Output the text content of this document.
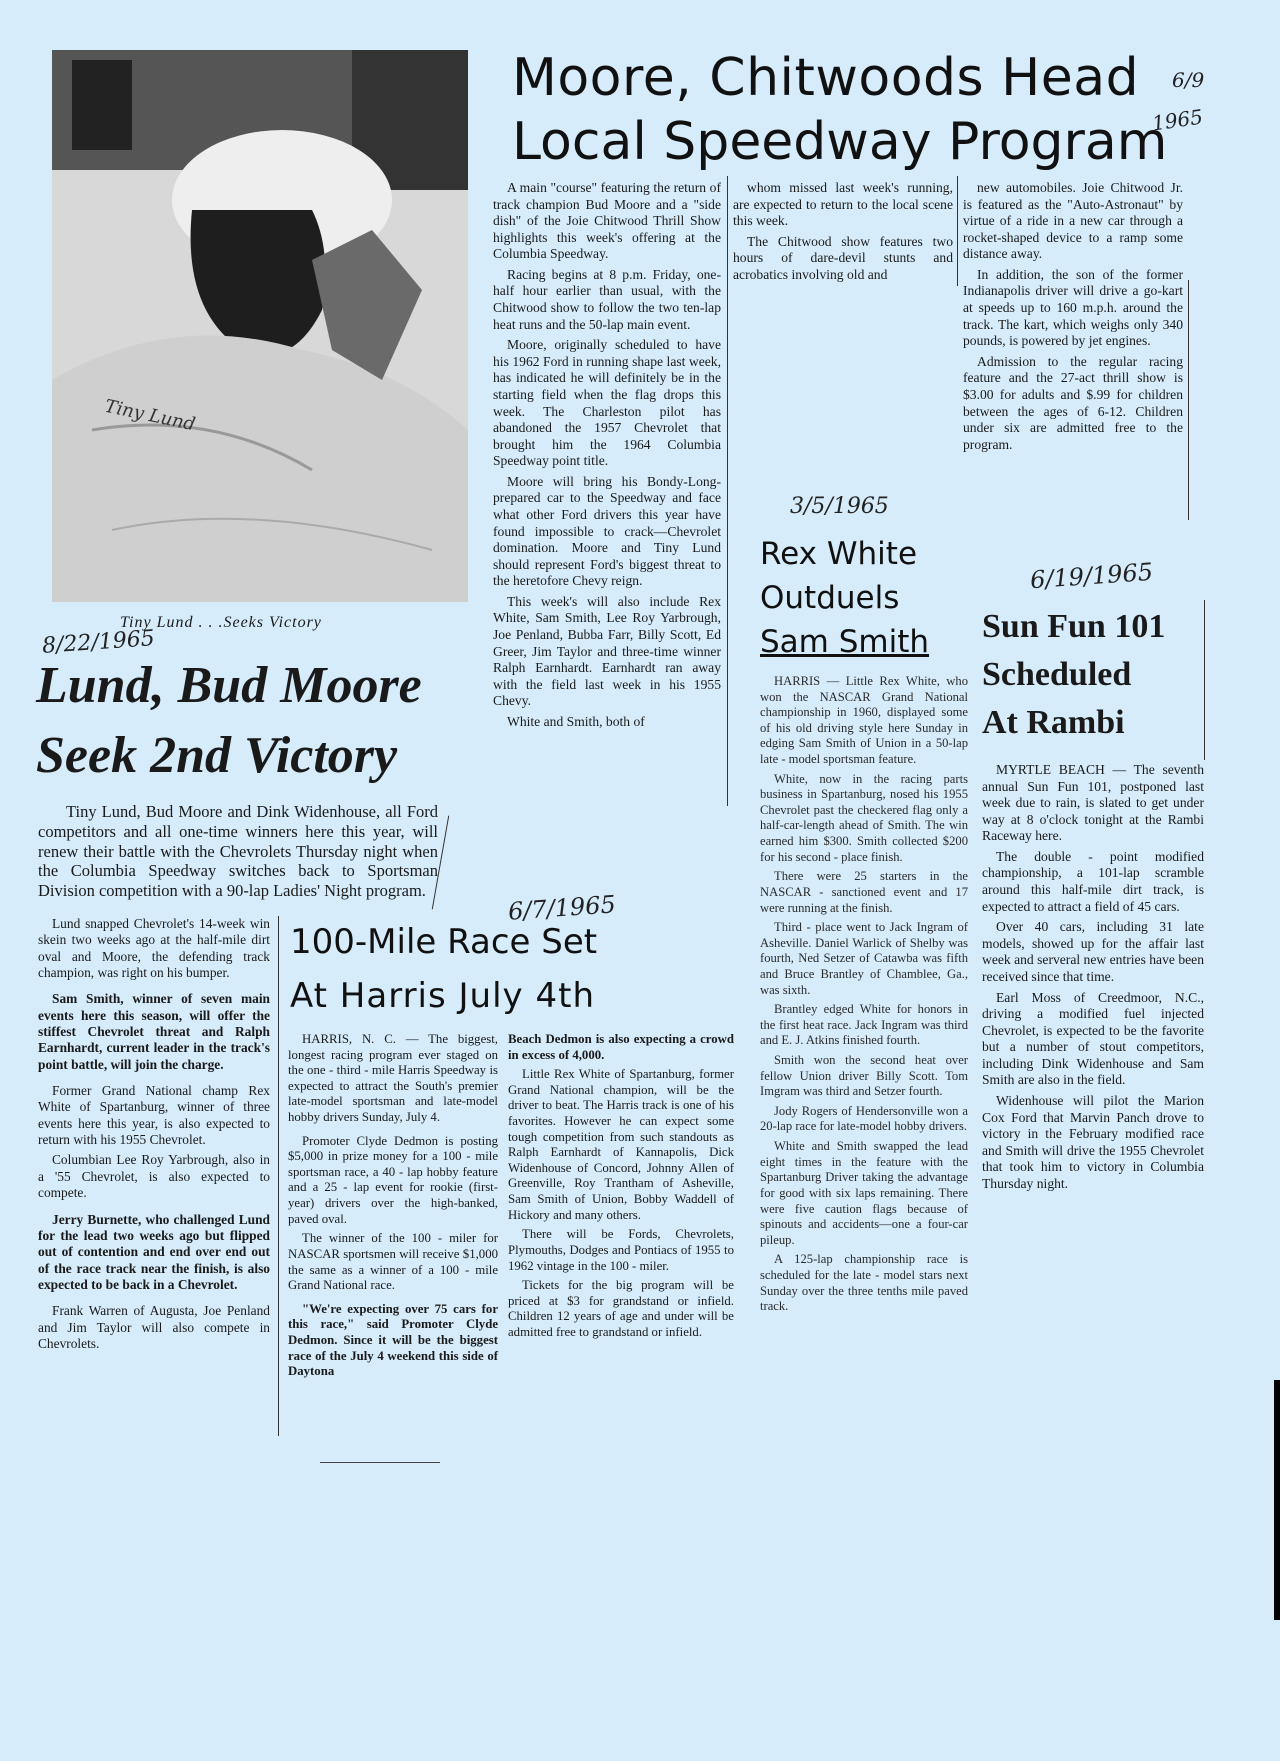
Tiny Lund
Tiny Lund . . .Seeks Victory
8/22/1965
Lund, Bud Moore
Seek 2nd Victory

Tiny Lund, Bud Moore and Dink Widenhouse, all Ford competitors and all one-time winners here this year, will renew their battle with the Chevrolets Thursday night when the Columbia Speedway switches back to Sportsman Division competition with a 90-lap Ladies' Night program.

Lund snapped Chevrolet's 14-week win skein two weeks ago at the half-mile dirt oval and Moore, the defending track champion, was right on his bumper.

Sam Smith, winner of seven main events here this season, will offer the stiffest Chevrolet threat and Ralph Earnhardt, current leader in the track's point battle, will join the charge.

Former Grand National champ Rex White of Spartanburg, winner of three events here this year, is also expected to return with his 1955 Chevrolet.

Columbian Lee Roy Yarbrough, also in a '55 Chevrolet, is also expected to compete.

Jerry Burnette, who challenged Lund for the lead two weeks ago but flipped out of contention and end over end out of the race track near the finish, is also expected to be back in a Chevrolet.

Frank Warren of Augusta, Joe Penland and Jim Taylor will also compete in Chevrolets.

Moore, Chitwoods Head
Local Speedway Program
6/9
1965

A main "course" featuring the return of track champion Bud Moore and a "side dish" of the Joie Chitwood Thrill Show highlights this week's offering at the Columbia Speedway.

Racing begins at 8 p.m. Friday, one-half hour earlier than usual, with the Chitwood show to follow the two ten-lap heat runs and the 50-lap main event.

Moore, originally scheduled to have his 1962 Ford in running shape last week, has indicated he will definitely be in the starting field when the flag drops this week. The Charleston pilot has abandoned the 1957 Chevrolet that brought him the 1964 Columbia Speedway point title.

Moore will bring his Bondy-Long-prepared car to the Speedway and face what other Ford drivers this year have found impossible to crack—Chevrolet domination. Moore and Tiny Lund should represent Ford's biggest threat to the heretofore Chevy reign.

This week's will also include Rex White, Sam Smith, Lee Roy Yarbrough, Joe Penland, Bubba Farr, Billy Scott, Ed Greer, Jim Taylor and three-time winner Ralph Earnhardt. Earnhardt ran away with the field last week in his 1955 Chevy.

White and Smith, both of

whom missed last week's running, are expected to return to the local scene this week.

The Chitwood show features two hours of dare-devil stunts and acrobatics involving old and

new automobiles. Joie Chitwood Jr. is featured as the "Auto-Astronaut" by virtue of a ride in a new car through a rocket-shaped device to a ramp some distance away.

In addition, the son of the former Indianapolis driver will drive a go-kart at speeds up to 160 m.p.h. around the track. The kart, which weighs only 340 pounds, is powered by jet engines.

Admission to the regular racing feature and the 27-act thrill show is $3.00 for adults and $.99 for children between the ages of 6-12. Children under six are admitted free to the program.

3/5/1965
Rex White
Outduels
Sam Smith

HARRIS — Little Rex White, who won the NASCAR Grand National championship in 1960, displayed some of his old driving style here Sunday in edging Sam Smith of Union in a 50-lap late - model sportsman feature.

White, now in the racing parts business in Spartanburg, nosed his 1955 Chevrolet past the checkered flag only a half-car-length ahead of Smith. The win earned him $300. Smith collected $200 for his second - place finish.

There were 25 starters in the NASCAR - sanctioned event and 17 were running at the finish.

Third - place went to Jack Ingram of Asheville. Daniel Warlick of Shelby was fourth, Ned Setzer of Catawba was fifth and Bruce Brantley of Chamblee, Ga., was sixth.

Brantley edged White for honors in the first heat race. Jack Ingram was third and E. J. Atkins finished fourth.

Smith won the second heat over fellow Union driver Billy Scott. Tom Imgram was third and Setzer fourth.

Jody Rogers of Hendersonville won a 20-lap race for late-model hobby drivers.

White and Smith swapped the lead eight times in the feature with the Spartanburg Driver taking the advantage for good with six laps remaining. There were five caution flags because of spinouts and accidents—one a four-car pileup.

A 125-lap championship race is scheduled for the late - model stars next Sunday over the three tenths mile paved track.

6/19/1965
Sun Fun 101
Scheduled
At Rambi

MYRTLE BEACH — The seventh annual Sun Fun 101, postponed last week due to rain, is slated to get under way at 8 o'clock tonight at the Rambi Raceway here.

The double - point modified championship, a 101-lap scramble around this half-mile dirt track, is expected to attract a field of 45 cars.

Over 40 cars, including 31 late models, showed up for the affair last week and serveral new entries have been received since that time.

Earl Moss of Creedmoor, N.C., driving a modified fuel injected Chevrolet, is expected to be the favorite but a number of stout competitors, including Dink Widenhouse and Sam Smith are also in the field.

Widenhouse will pilot the Marion Cox Ford that Marvin Panch drove to victory in the February modified race and Smith will drive the 1955 Chevrolet that took him to victory in Columbia Thursday night.

6/7/1965
100-Mile Race Set
At Harris July 4th

HARRIS, N. C. — The biggest, longest racing program ever staged on the one - third - mile Harris Speedway is expected to attract the South's premier late-model sportsman and late-model hobby drivers Sunday, July 4.

Promoter Clyde Dedmon is posting $5,000 in prize money for a 100 - mile sportsman race, a 40 - lap hobby feature and a 25 - lap event for rookie (first-year) drivers over the high-banked, paved oval.

The winner of the 100 - miler for NASCAR sportsmen will receive $1,000 the same as a winner of a 100 - mile Grand National race.

"We're expecting over 75 cars for this race," said Promoter Clyde Dedmon. Since it will be the biggest race of the July 4 weekend this side of Daytona

Beach Dedmon is also expecting a crowd in excess of 4,000.

Little Rex White of Spartanburg, former Grand National champion, will be the driver to beat. The Harris track is one of his favorites. However he can expect some tough competition from such standouts as Ralph Earnhardt of Kannapolis, Dick Widenhouse of Concord, Johnny Allen of Greenville, Roy Trantham of Asheville, Sam Smith of Union, Bobby Waddell of Hickory and many others.

There will be Fords, Chevrolets, Plymouths, Dodges and Pontiacs of 1955 to 1962 vintage in the 100 - miler.

Tickets for the big program will be priced at $3 for grandstand or infield. Children 12 years of age and under will be admitted free to grandstand or infield.
